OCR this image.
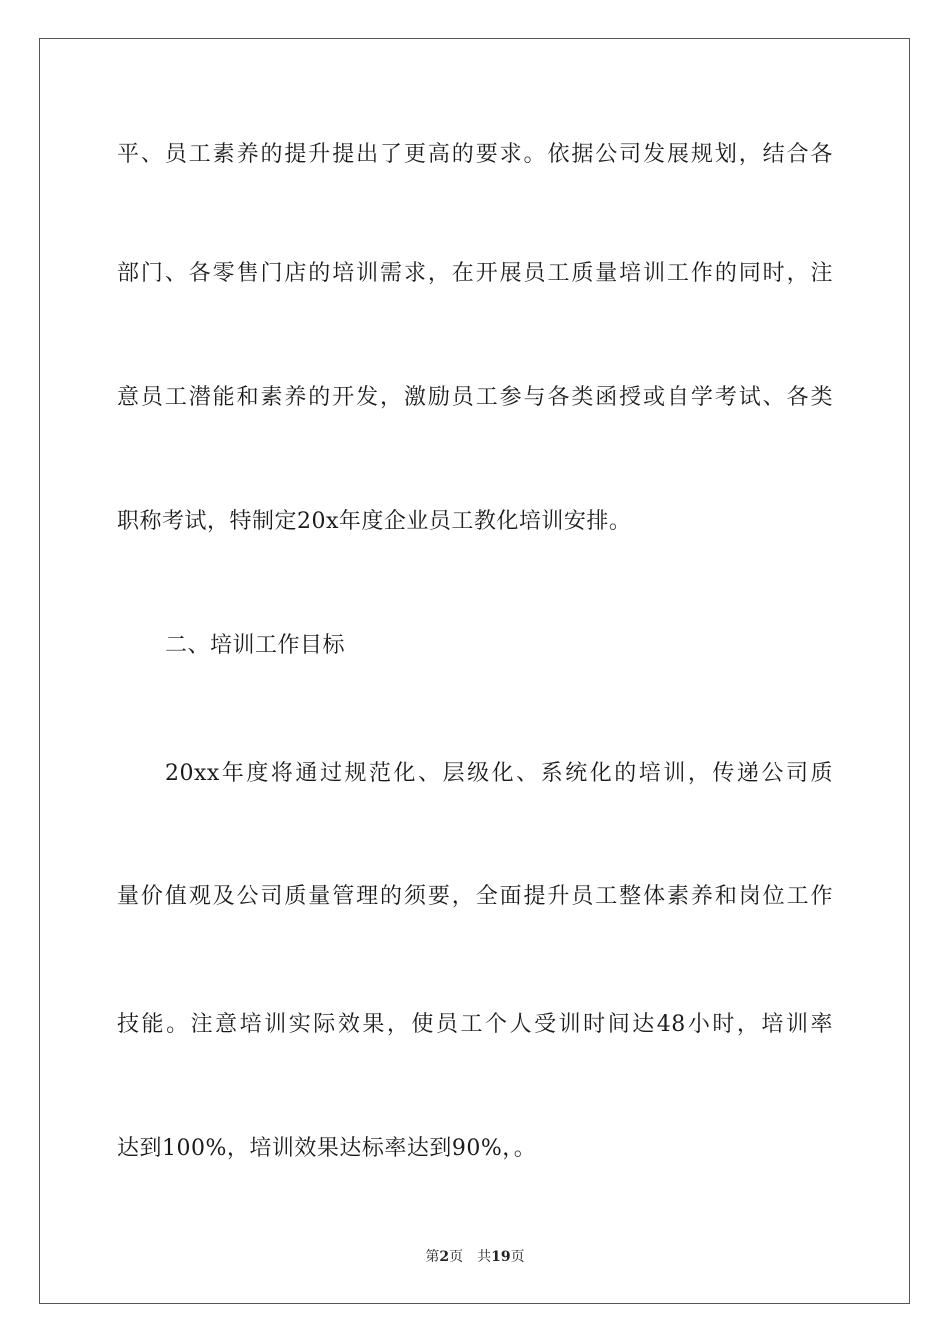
平、员工素养的提升提出了更高的要求。依据公司发展规划，结合各
部门、各零售门店的培训需求，在开展员工质量培训工作的同时，注
意员工潜能和素养的开发，激励员工参与各类函授或自学考试、各类
职称考试，特制定20x年度企业员工教化培训安排。
二、培训工作目标
20xx年度将通过规范化、层级化、系统化的培训，传递公司质
量价值观及公司质量管理的须要，全面提升员工整体素养和岗位工作
技能。注意培训实际效果，使员工个人受训时间达48小时，培训率
达到100%，培训效果达标率达到90%，。
第2页 共19页
